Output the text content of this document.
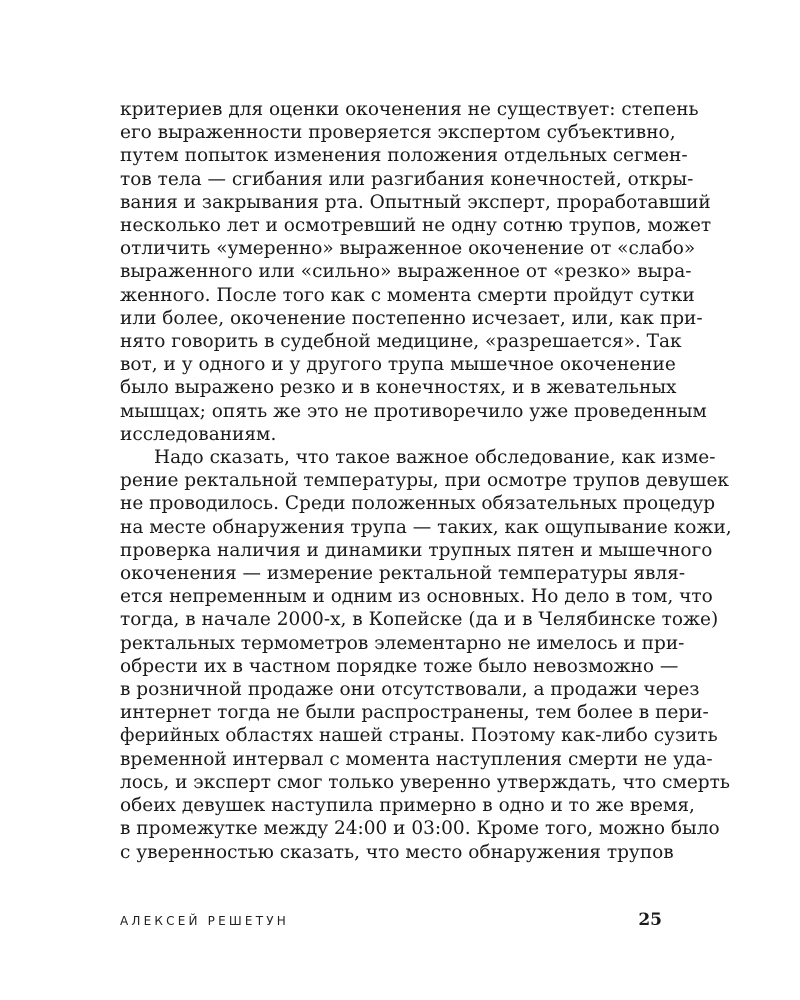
критериев для оценки окоченения не существует: степень
его выраженности проверяется экспертом субъективно,
путем попыток изменения положения отдельных сегмен-
тов тела — сгибания или разгибания конечностей, откры-
вания и закрывания рта. Опытный эксперт, проработавший
несколько лет и осмотревший не одну сотню трупов, может
отличить «умеренно» выраженное окоченение от «слабо»
выраженного или «сильно» выраженное от «резко» выра-
женного. После того как с момента смерти пройдут сутки
или более, окоченение постепенно исчезает, или, как при-
нято говорить в судебной медицине, «разрешается». Так
вот, и у одного и у другого трупа мышечное окоченение
было выражено резко и в конечностях, и в жевательных
мышцах; опять же это не противоречило уже проведенным
исследованиям.
Надо сказать, что такое важное обследование, как изме-
рение ректальной температуры, при осмотре трупов девушек
не проводилось. Среди положенных обязательных процедур
на месте обнаружения трупа — таких, как ощупывание кожи,
проверка наличия и динамики трупных пятен и мышечного
окоченения — измерение ректальной температуры явля-
ется непременным и одним из основных. Но дело в том, что
тогда, в начале 2000-х, в Копейске (да и в Челябинске тоже)
ректальных термометров элементарно не имелось и при-
обрести их в частном порядке тоже было невозможно —
в розничной продаже они отсутствовали, а продажи через
интернет тогда не были распространены, тем более в пери-
ферийных областях нашей страны. Поэтому как-либо сузить
временной интервал с момента наступления смерти не уда-
лось, и эксперт смог только уверенно утверждать, что смерть
обеих девушек наступила примерно в одно и то же время,
в промежутке между 24:00 и 03:00. Кроме того, можно было
с уверенностью сказать, что место обнаружения трупов
АЛЕКСЕЙ РЕШЕТУН	25
